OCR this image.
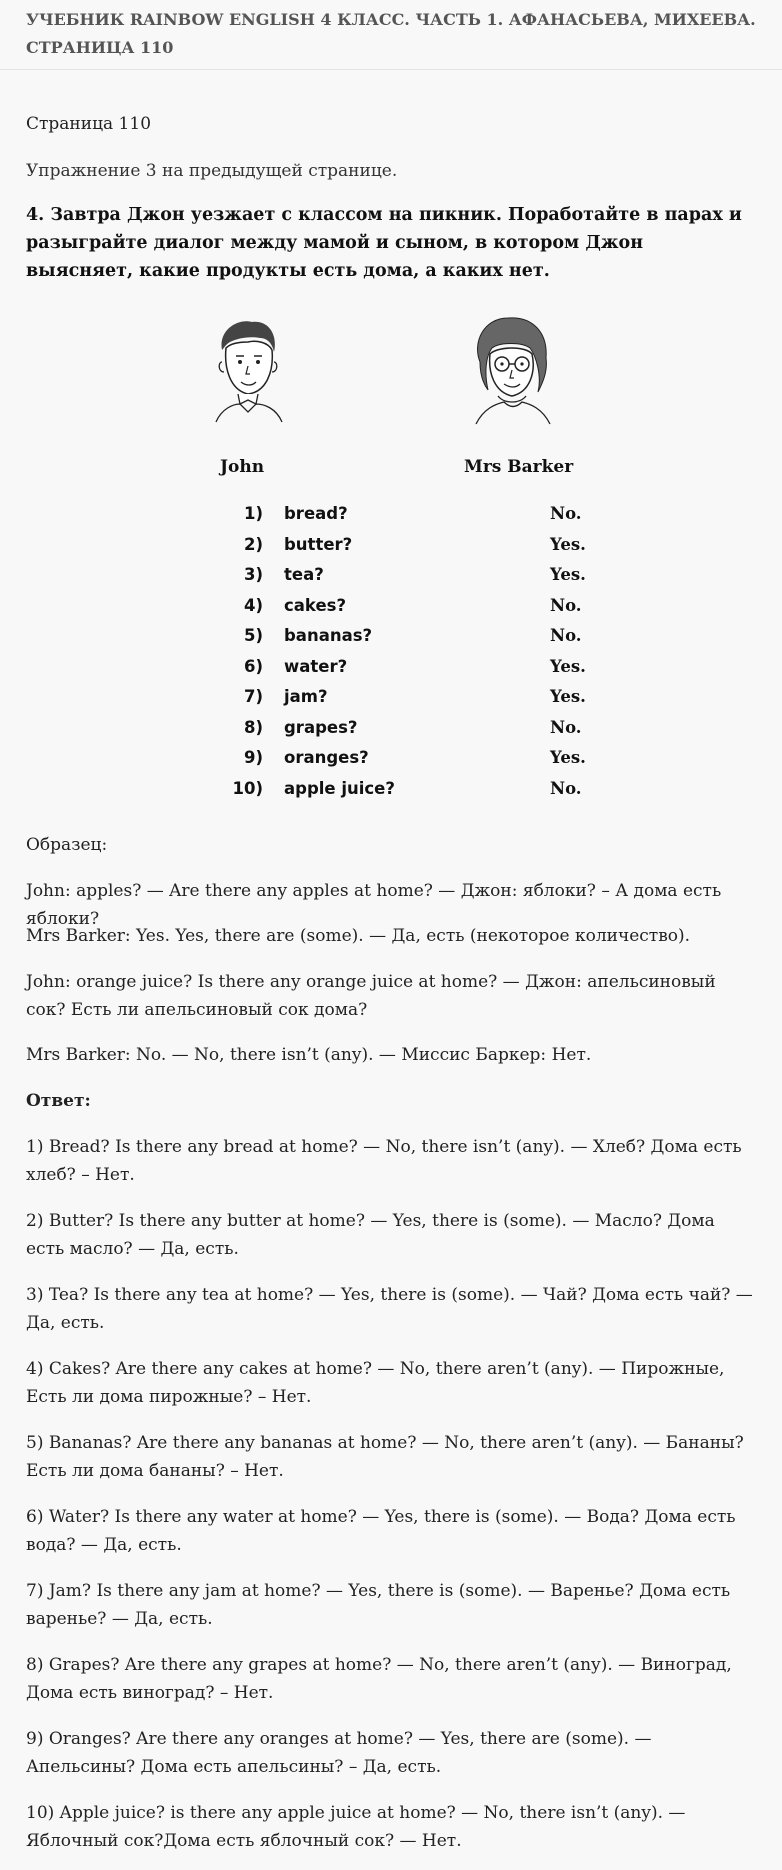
УЧЕБНИК RAINBOW ENGLISH 4 КЛАСС. ЧАСТЬ 1. АФАНАСЬЕВА, МИХЕЕВА. СТРАНИЦА 110

Страница 110

Упражнение 3 на предыдущей странице.

4. Завтра Джон уезжает с классом на пикник. Поработайте в парах и разыграйте диалог между мамой и сыном, в котором Джон выясняет, какие продукты есть дома, а каких нет.

John	Mrs Barker
1) bread?	No.
2) butter?	Yes.
3) tea?	Yes.
4) cakes?	No.
5) bananas?	No.
6) water?	Yes.
7) jam?	Yes.
8) grapes?	No.
9) oranges?	Yes.
10) apple juice?	No.

Образец:

John: apples? — Are there any apples at home? — Джон: яблоки? – А дома есть яблоки?

Mrs Barker: Yes. Yes, there are (some). — Да, есть (некоторое количество).

John: orange juice? Is there any orange juice at home? — Джон: апельсиновый сок? Есть ли апельсиновый сок дома?

Mrs Barker: No. — No, there isn’t (any). — Миссис Баркер: Нет.

Ответ:

1) Bread? Is there any bread at home? — No, there isn’t (any). — Хлеб? Дома есть хлеб? – Нет.

2) Butter? Is there any butter at home? — Yes, there is (some). — Масло? Дома есть масло? — Да, есть.

3) Tea? Is there any tea at home? — Yes, there is (some). — Чай? Дома есть чай? — Да, есть.

4) Cakes? Are there any cakes at home? — No, there aren’t (any). — Пирожные, Есть ли дома пирожные? – Нет.

5) Bananas? Are there any bananas at home? — No, there aren’t (any). — Бананы? Есть ли дома бананы? – Нет.

6) Water? Is there any water at home? — Yes, there is (some). — Вода? Дома есть вода? — Да, есть.

7) Jam? Is there any jam at home? — Yes, there is (some). — Варенье? Дома есть варенье? — Да, есть.

8) Grapes? Are there any grapes at home? — No, there aren’t (any). — Виноград, Дома есть виноград? – Нет.

9) Oranges? Are there any oranges at home? — Yes, there are (some). — Апельсины? Дома есть апельсины? – Да, есть.

10) Apple juice? is there any apple juice at home? — No, there isn’t (any). — Яблочный сок?Дома есть яблочный сок? — Нет.
